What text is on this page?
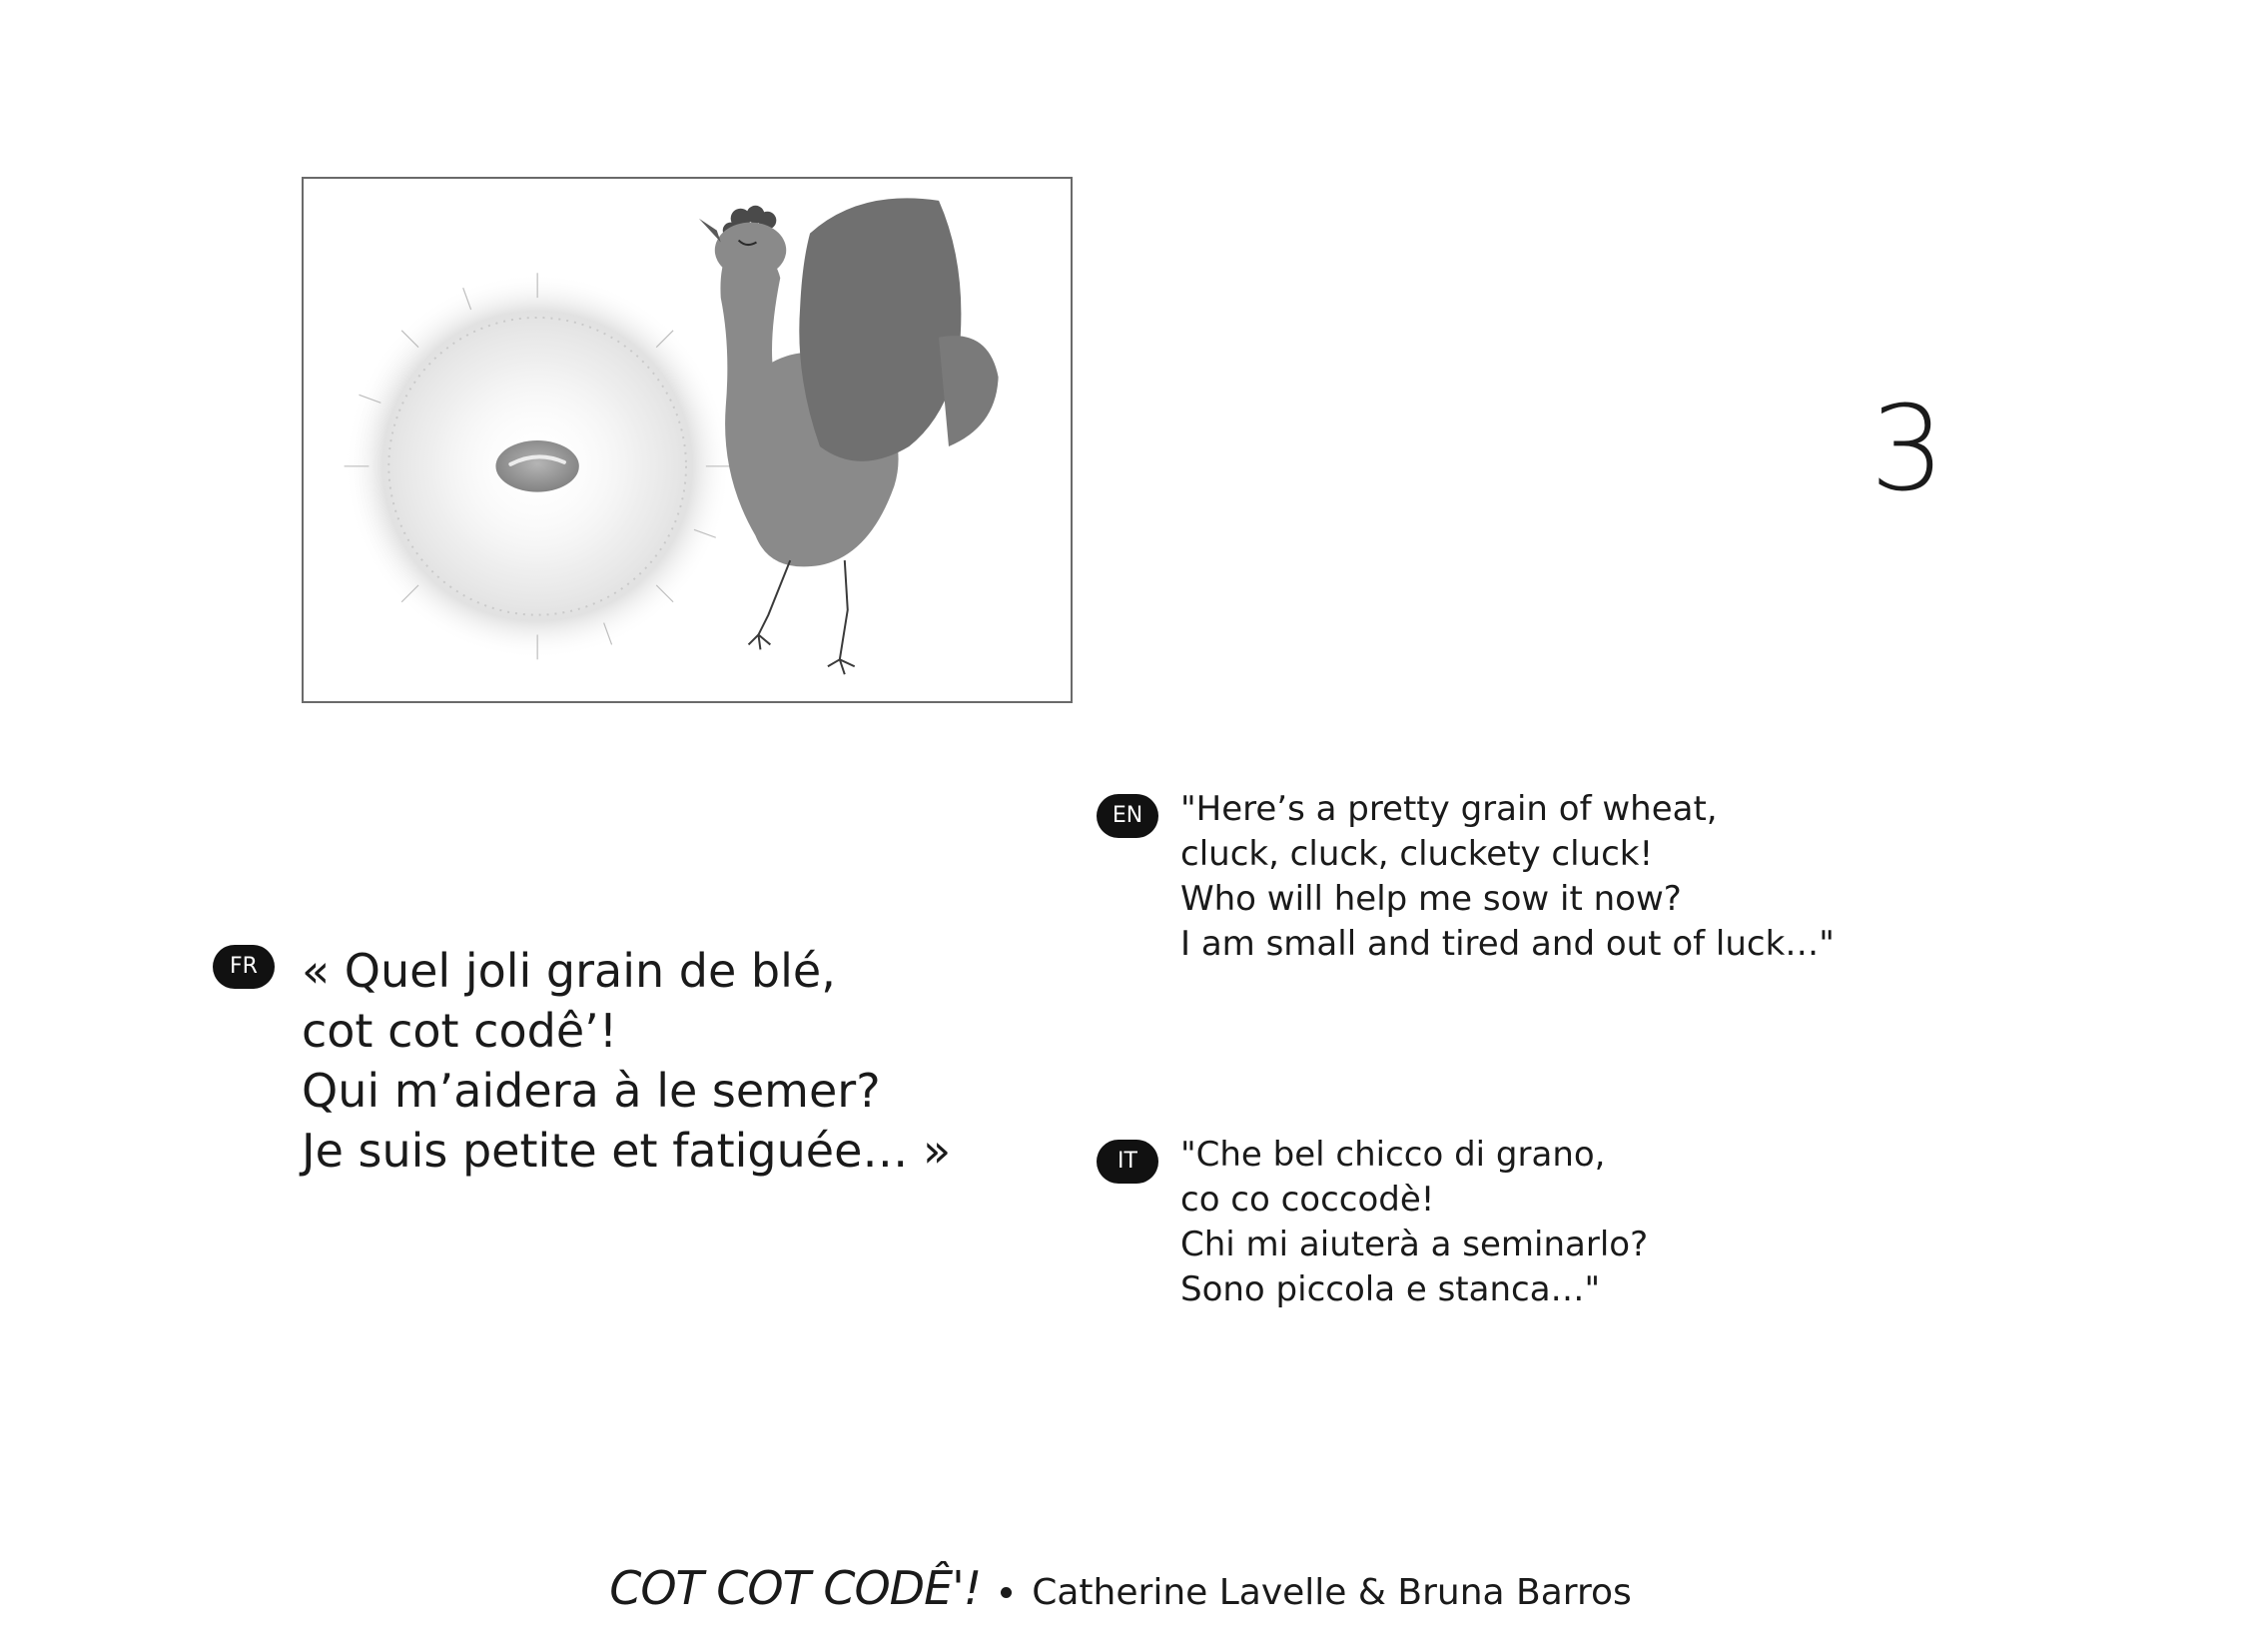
3
FR « Quel joli grain de blé,
cot cot codê’!
Qui m’aidera à le semer?
Je suis petite et fatiguée… »
EN	"Here’s a pretty grain of wheat,
cluck, cluck, cluckety cluck!
Who will help me sow it now?
I am small and tired and out of luck…"
IT	"Che bel chicco di grano,
co co coccodè!
Chi mi aiuterà a seminarlo?
Sono piccola e stanca…"
COT COT CODÊ'! Catherine Lavelle & Bruna Barros
